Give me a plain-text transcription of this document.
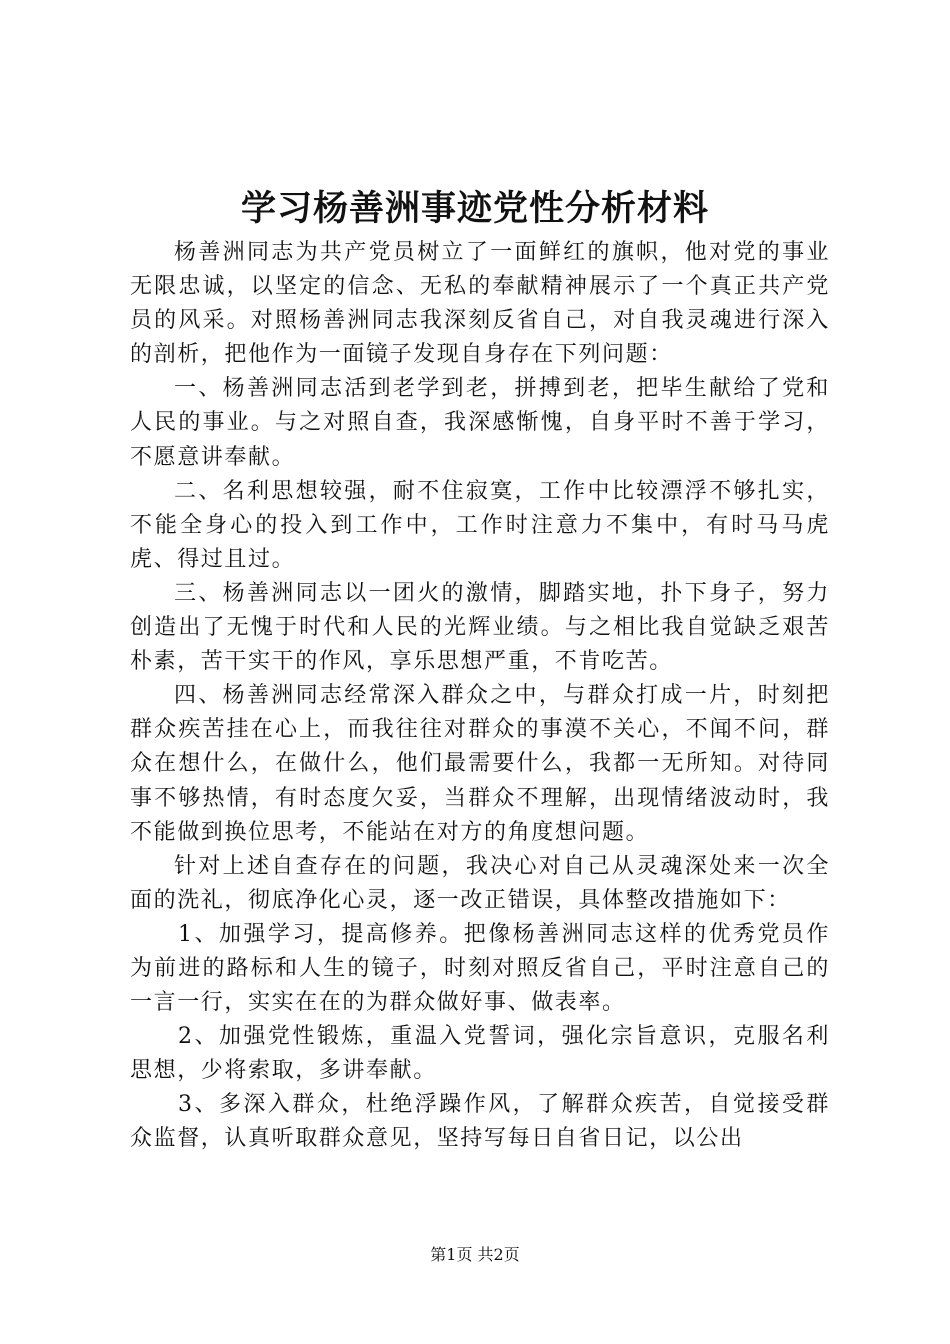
学习杨善洲事迹党性分析材料

杨善洲同志为共产党员树立了一面鲜红的旗帜，他对党的事业无限忠诚，以坚定的信念、无私的奉献精神展示了一个真正共产党员的风采。对照杨善洲同志我深刻反省自己，对自我灵魂进行深入的剖析，把他作为一面镜子发现自身存在下列问题：

一、杨善洲同志活到老学到老，拼搏到老，把毕生献给了党和人民的事业。与之对照自查，我深感惭愧，自身平时不善于学习，不愿意讲奉献。

二、名利思想较强，耐不住寂寞，工作中比较漂浮不够扎实，不能全身心的投入到工作中，工作时注意力不集中，有时马马虎虎、得过且过。

三、杨善洲同志以一团火的激情，脚踏实地，扑下身子，努力创造出了无愧于时代和人民的光辉业绩。与之相比我自觉缺乏艰苦朴素，苦干实干的作风，享乐思想严重，不肯吃苦。

四、杨善洲同志经常深入群众之中，与群众打成一片，时刻把群众疾苦挂在心上，而我往往对群众的事漠不关心，不闻不问，群众在想什么，在做什么，他们最需要什么，我都一无所知。对待同事不够热情，有时态度欠妥，当群众不理解，出现情绪波动时，我不能做到换位思考，不能站在对方的角度想问题。

针对上述自查存在的问题，我决心对自己从灵魂深处来一次全面的洗礼，彻底净化心灵，逐一改正错误，具体整改措施如下：

1、加强学习，提高修养。把像杨善洲同志这样的优秀党员作为前进的路标和人生的镜子，时刻对照反省自己，平时注意自己的一言一行，实实在在的为群众做好事、做表率。

2、加强党性锻炼，重温入党誓词，强化宗旨意识，克服名利思想，少将索取，多讲奉献。

3、多深入群众，杜绝浮躁作风，了解群众疾苦，自觉接受群众监督，认真听取群众意见，坚持写每日自省日记，以公出

第1页 共2页
